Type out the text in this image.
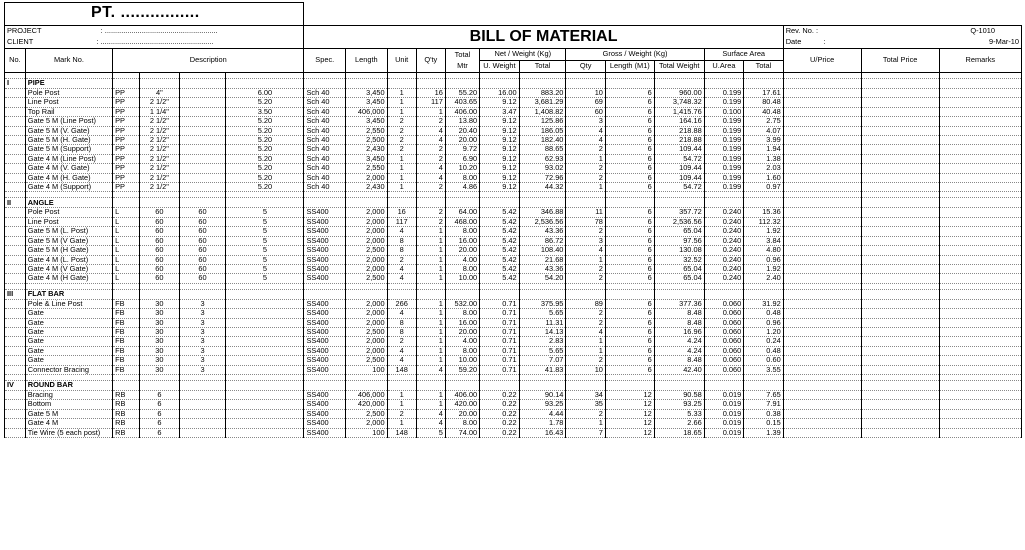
PT. ................																				
PROJECT : .......................................................						BILL OF MATERIAL												Rev. No. : Q-1010		

CLIENT : .......................................................																		Date : 9-Mar-10		

No.	Mark No.	Description				Spec.	Length	Unit	Q'ty	Total	Net / Weight (Kg)		Gross / Weight (Kg)			Surface Area		U/Price	Total Price	Remarks
										Mtr	U. Weight	Total	Qty	Length (M1)	Total Weight	U.Area	Total			

I	PIPE																			
	Pole Post	PP	4"		6.00	Sch 40	3,450	1	16	55.20	16.00	883.20	10	6	960.00	0.199	17.61			
	Line Post	PP	2 1/2"		5.20	Sch 40	3,450	1	117	403.65	9.12	3,681.29	69	6	3,748.32	0.199	80.48			
	Top Rail	PP	1 1/4"		3.50	Sch 40	406,000	1	1	406.00	3.47	1,408.82	60	6	1,415.76	0.100	40.48			
	Gate 5 M (Line Post)	PP	2 1/2"		5.20	Sch 40	3,450	2	2	13.80	9.12	125.86	3	6	164.16	0.199	2.75			
	Gate 5 M (V. Gate)	PP	2 1/2"		5.20	Sch 40	2,550	2	4	20.40	9.12	186.05	4	6	218.88	0.199	4.07			
	Gate 5 M (H. Gate)	PP	2 1/2"		5.20	Sch 40	2,500	2	4	20.00	9.12	182.40	4	6	218.88	0.199	3.99			
	Gate 5 M (Support)	PP	2 1/2"		5.20	Sch 40	2,430	2	2	9.72	9.12	88.65	2	6	109.44	0.199	1.94			
	Gate 4 M (Line Post)	PP	2 1/2"		5.20	Sch 40	3,450	1	2	6.90	9.12	62.93	1	6	54.72	0.199	1.38			
	Gate 4 M (V. Gate)	PP	2 1/2"		5.20	Sch 40	2,550	1	4	10.20	9.12	93.02	2	6	109.44	0.199	2.03			
	Gate 4 M (H. Gate)	PP	2 1/2"		5.20	Sch 40	2,000	1	4	8.00	9.12	72.96	2	6	109.44	0.199	1.60			
	Gate 4 M (Support)	PP	2 1/2"		5.20	Sch 40	2,430	1	2	4.86	9.12	44.32	1	6	54.72	0.199	0.97			

II	ANGLE																			
	Pole Post	L	60	60	5	SS400	2,000	16	2	64.00	5.42	346.88	11	6	357.72	0.240	15.36			
	Line Post	L	60	60	5	SS400	2,000	117	2	468.00	5.42	2,536.56	78	6	2,536.56	0.240	112.32			
	Gate 5 M (L. Post)	L	60	60	5	SS400	2,000	4	1	8.00	5.42	43.36	2	6	65.04	0.240	1.92			
	Gate 5 M (V Gate)	L	60	60	5	SS400	2,000	8	1	16.00	5.42	86.72	3	6	97.56	0.240	3.84			
	Gate 5 M (H Gate)	L	60	60	5	SS400	2,500	8	1	20.00	5.42	108.40	4	6	130.08	0.240	4.80			
	Gate 4 M (L. Post)	L	60	60	5	SS400	2,000	2	1	4.00	5.42	21.68	1	6	32.52	0.240	0.96			
	Gate 4 M (V Gate)	L	60	60	5	SS400	2,000	4	1	8.00	5.42	43.36	2	6	65.04	0.240	1.92			
	Gate 4 M (H Gate)	L	60	60	5	SS400	2,500	4	1	10.00	5.42	54.20	2	6	65.04	0.240	2.40			

III	FLAT BAR																			
	Pole & Line Post	FB	30	3		SS400	2,000	266	1	532.00	0.71	375.95	89	6	377.36	0.060	31.92			
	Gate	FB	30	3		SS400	2,000	4	1	8.00	0.71	5.65	2	6	8.48	0.060	0.48			
	Gate	FB	30	3		SS400	2,000	8	1	16.00	0.71	11.31	2	6	8.48	0.060	0.96			
	Gate	FB	30	3		SS400	2,500	8	1	20.00	0.71	14.13	4	6	16.96	0.060	1.20			
	Gate	FB	30	3		SS400	2,000	2	1	4.00	0.71	2.83	1	6	4.24	0.060	0.24			
	Gate	FB	30	3		SS400	2,000	4	1	8.00	0.71	5.65	1	6	4.24	0.060	0.48			
	Gate	FB	30	3		SS400	2,500	4	1	10.00	0.71	7.07	2	6	8.48	0.060	0.60			
	Connector Bracing	FB	30	3		SS400	100	148	4	59.20	0.71	41.83	10	6	42.40	0.060	3.55			

IV	ROUND BAR																			
	Bracing	RB	6			SS400	406,000	1	1	406.00	0.22	90.14	34	12	90.58	0.019	7.65			
	Bottom	RB	6			SS400	420,000	1	1	420.00	0.22	93.25	35	12	93.25	0.019	7.91			
	Gate 5 M	RB	6			SS400	2,500	2	4	20.00	0.22	4.44	2	12	5.33	0.019	0.38			
	Gate 4 M	RB	6			SS400	2,000	1	4	8.00	0.22	1.78	1	12	2.66	0.019	0.15			
	Tie Wire (5 each post)	RB	6			SS400	100	148	5	74.00	0.22	16.43	7	12	18.65	0.019	1.39			
